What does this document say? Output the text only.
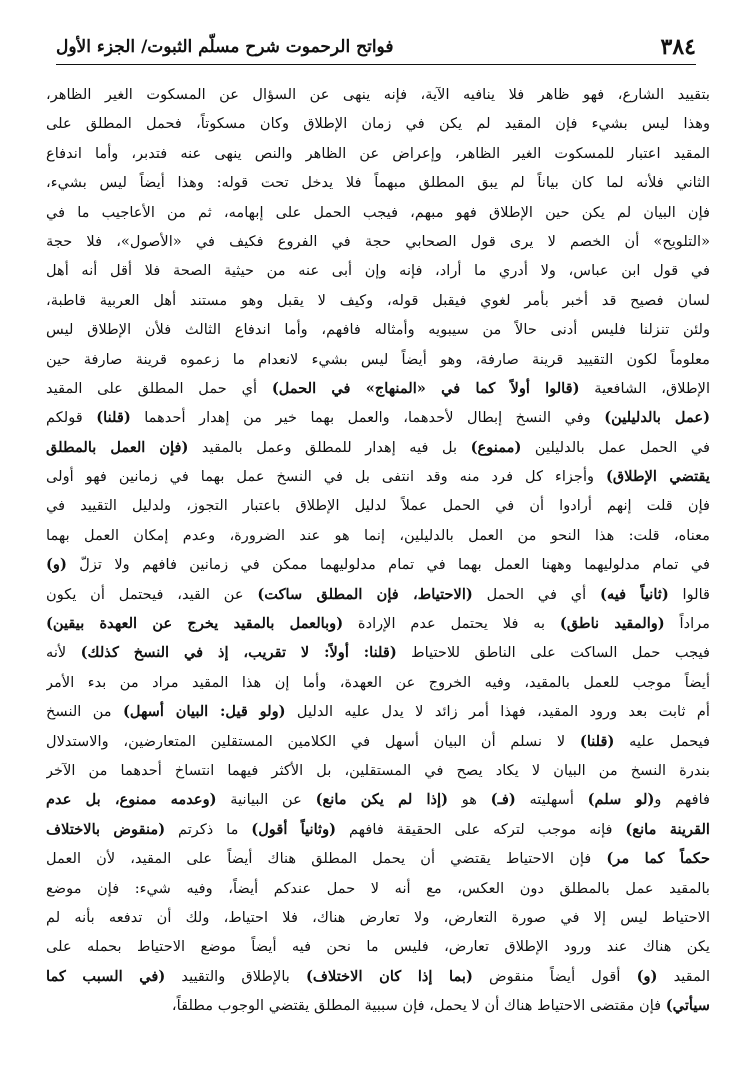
٣٨٤
فواتح الرحموت شرح مسلّم الثبوت/ الجزء الأول
بتقييد الشارع، فهو ظاهر فلا ينافيه الآية، فإنه ينهى عن السؤال عن المسكوت الغير الظاهر،
وهذا ليس بشيء فإن المقيد لم يكن في زمان الإطلاق وكان مسكوتاً، فحمل المطلق على
المقيد اعتبار للمسكوت الغير الظاهر، وإعراض عن الظاهر والنص ينهى عنه فتدبر، وأما اندفاع
الثاني فلأنه لما كان بياناً لم يبق المطلق مبهماً فلا يدخل تحت قوله: وهذا أيضاً ليس بشيء،
فإن البيان لم يكن حين الإطلاق فهو مبهم، فيجب الحمل على إبهامه، ثم من الأعاجيب ما في
«التلويح» أن الخصم لا يرى قول الصحابي حجة في الفروع فكيف في «الأصول»، فلا حجة
في قول ابن عباس، ولا أدري ما أراد، فإنه وإن أبى عنه من حيثية الصحة فلا أقل أنه أهل
لسان فصيح قد أخبر بأمر لغوي فيقبل قوله، وكيف لا يقبل وهو مستند أهل العربية قاطبة،
ولئن تنزلنا فليس أدنى حالاً من سيبويه وأمثاله فافهم، وأما اندفاع الثالث فلأن الإطلاق ليس
معلوماً لكون التقييد قرينة صارفة، وهو أيضاً ليس بشيء لانعدام ما زعموه قرينة صارفة حين
الإطلاق، الشافعية (قالوا أولاً كما في «المنهاج» في الحمل) أي حمل المطلق على المقيد
(عمل بالدليلين) وفي النسخ إبطال لأحدهما، والعمل بهما خير من إهدار أحدهما (قلنا) قولكم
في الحمل عمل بالدليلين (ممنوع) بل فيه إهدار للمطلق وعمل بالمقيد (فإن العمل بالمطلق
يقتضي الإطلاق) وأجزاء كل فرد منه وقد انتفى بل في النسخ عمل بهما في زمانين فهو أولى
فإن قلت إنهم أرادوا أن في الحمل عملاً لدليل الإطلاق باعتبار التجوز، ولدليل التقييد في
معناه، قلت: هذا النحو من العمل بالدليلين، إنما هو عند الضرورة، وعدم إمكان العمل بهما
في تمام مدلوليهما وههنا العمل بهما في تمام مدلوليهما ممكن في زمانين فافهم ولا تزلّ (و)
قالوا (ثانياً فيه) أي في الحمل (الاحتياط، فإن المطلق ساكت) عن القيد، فيحتمل أن يكون
مراداً (والمقيد ناطق) به فلا يحتمل عدم الإرادة (وبالعمل بالمقيد يخرج عن العهدة بيقين)
فيجب حمل الساكت على الناطق للاحتياط (قلنا: أولاً: لا تقريب، إذ في النسخ كذلك) لأنه
أيضاً موجب للعمل بالمقيد، وفيه الخروج عن العهدة، وأما إن هذا المقيد مراد من بدء الأمر
أم ثابت بعد ورود المقيد، فهذا أمر زائد لا يدل عليه الدليل (ولو قيل: البيان أسهل) من النسخ
فيحمل عليه (قلنا) لا نسلم أن البيان أسهل في الكلامين المستقلين المتعارضين، والاستدلال
بندرة النسخ من البيان لا يكاد يصح في المستقلين، بل الأكثر فيهما انتساخ أحدهما من الآخر
فافهم و(لو سلم) أسهليته (فـ) هو (إذا لم يكن مانع) عن البيانية (وعدمه ممنوع، بل عدم
القرينة مانع) فإنه موجب لتركه على الحقيقة فافهم (وثانياً أقول) ما ذكرتم (منقوض بالاختلاف
حكماً كما مر) فإن الاحتياط يقتضي أن يحمل المطلق هناك أيضاً على المقيد، لأن العمل
بالمقيد عمل بالمطلق دون العكس، مع أنه لا حمل عندكم أيضاً، وفيه شيء: فإن موضع
الاحتياط ليس إلا في صورة التعارض، ولا تعارض هناك، فلا احتياط، ولك أن تدفعه بأنه لم
يكن هناك عند ورود الإطلاق تعارض، فليس ما نحن فيه أيضاً موضع الاحتياط بحمله على
المقيد (و) أقول أيضاً منقوض (بما إذا كان الاختلاف) بالإطلاق والتقييد (في السبب كما
سيأتي) فإن مقتضى الاحتياط هناك أن لا يحمل، فإن سببية المطلق يقتضي الوجوب مطلقاً،
